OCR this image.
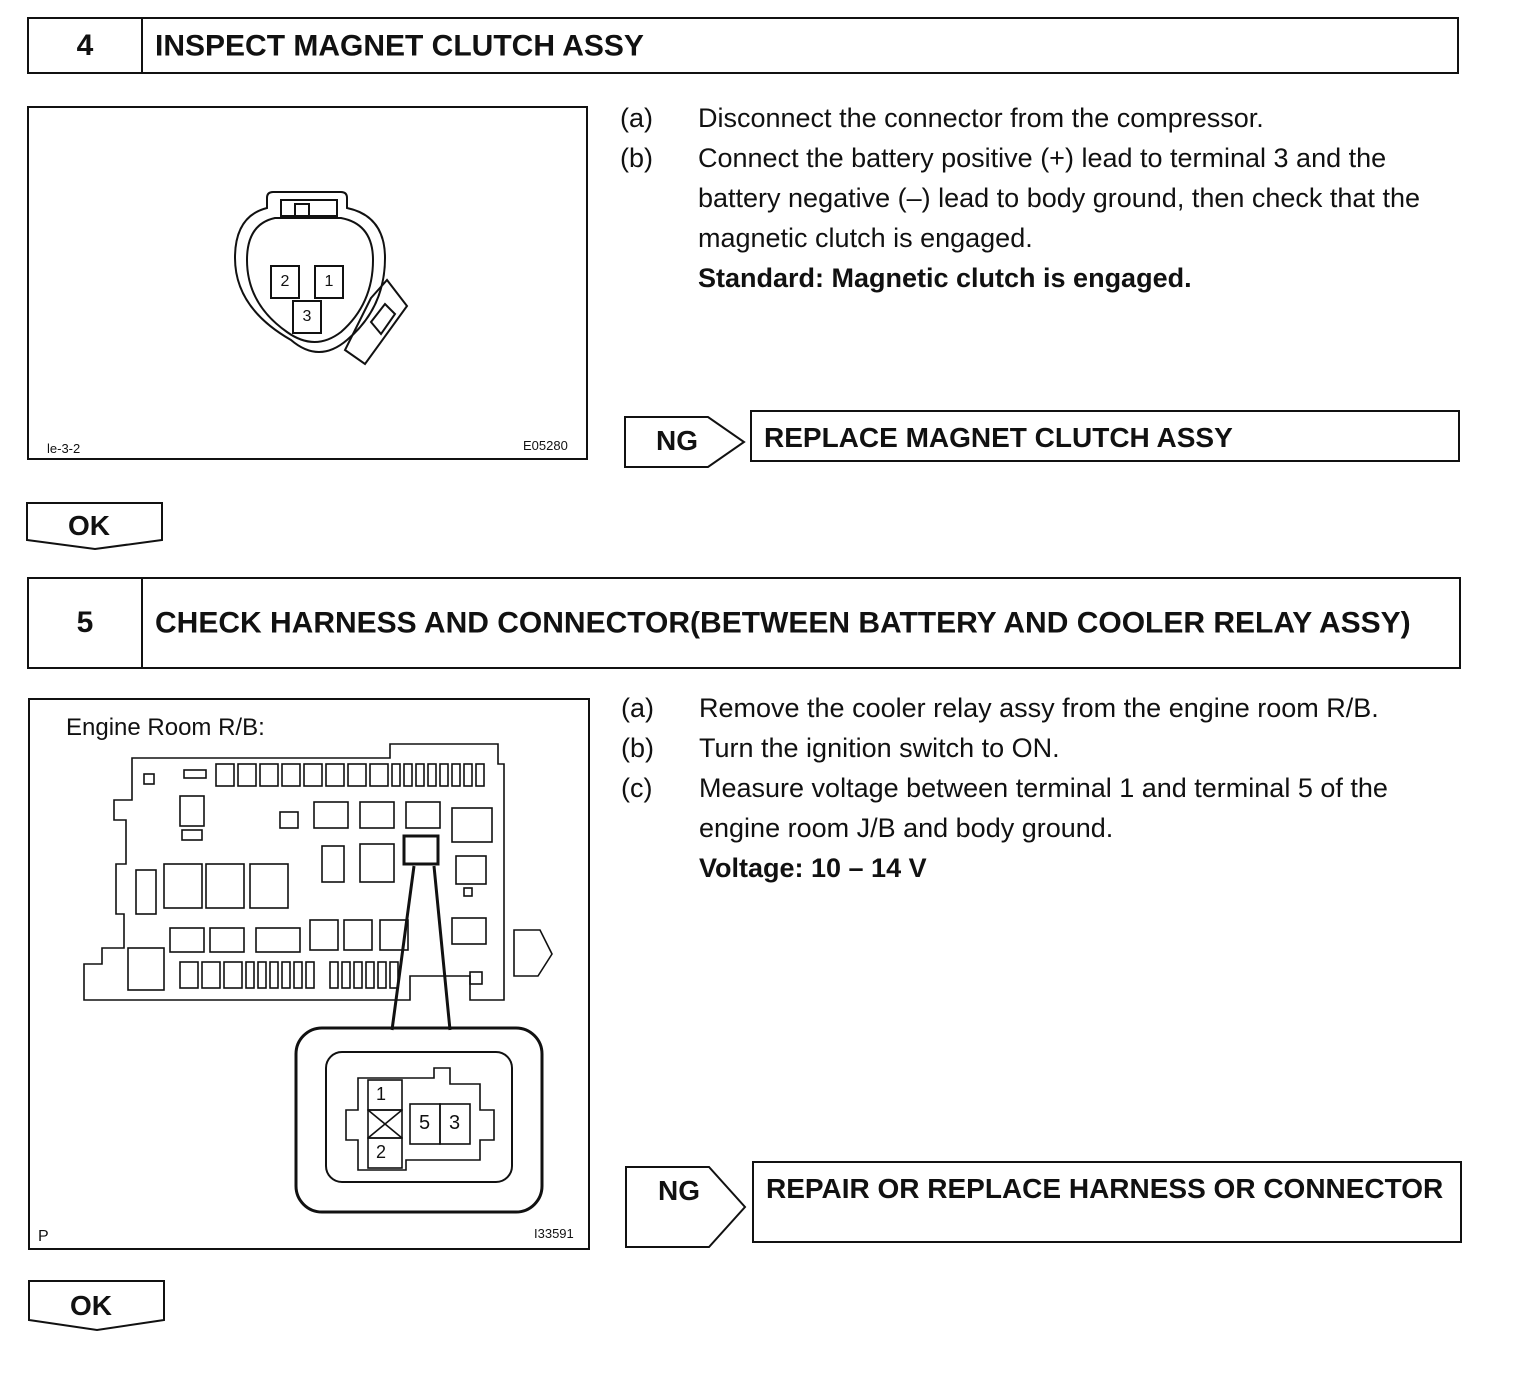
4	INSPECT MAGNET CLUTCH ASSY
2	1
3
le-3-2	E05280
(a)	Disconnect the connector from the compressor.
(b)	Connect the battery positive (+) lead to terminal 3 and the battery negative (–) lead to body ground, then check that the magnetic clutch is engaged.
Standard: Magnetic clutch is engaged.
NG	REPLACE MAGNET CLUTCH ASSY
OK
5	CHECK HARNESS AND CONNECTOR(BETWEEN BATTERY AND COOLER RELAY ASSY)
Engine Room R/B:
1
2
5 3
P	I33591
(a)	Remove the cooler relay assy from the engine room R/B.
(b)	Turn the ignition switch to ON.
(c)	Measure voltage between terminal 1 and terminal 5 of the engine room J/B and body ground.
Voltage: 10 – 14 V
NG	REPAIR OR REPLACE HARNESS OR CONNECTOR
OK
